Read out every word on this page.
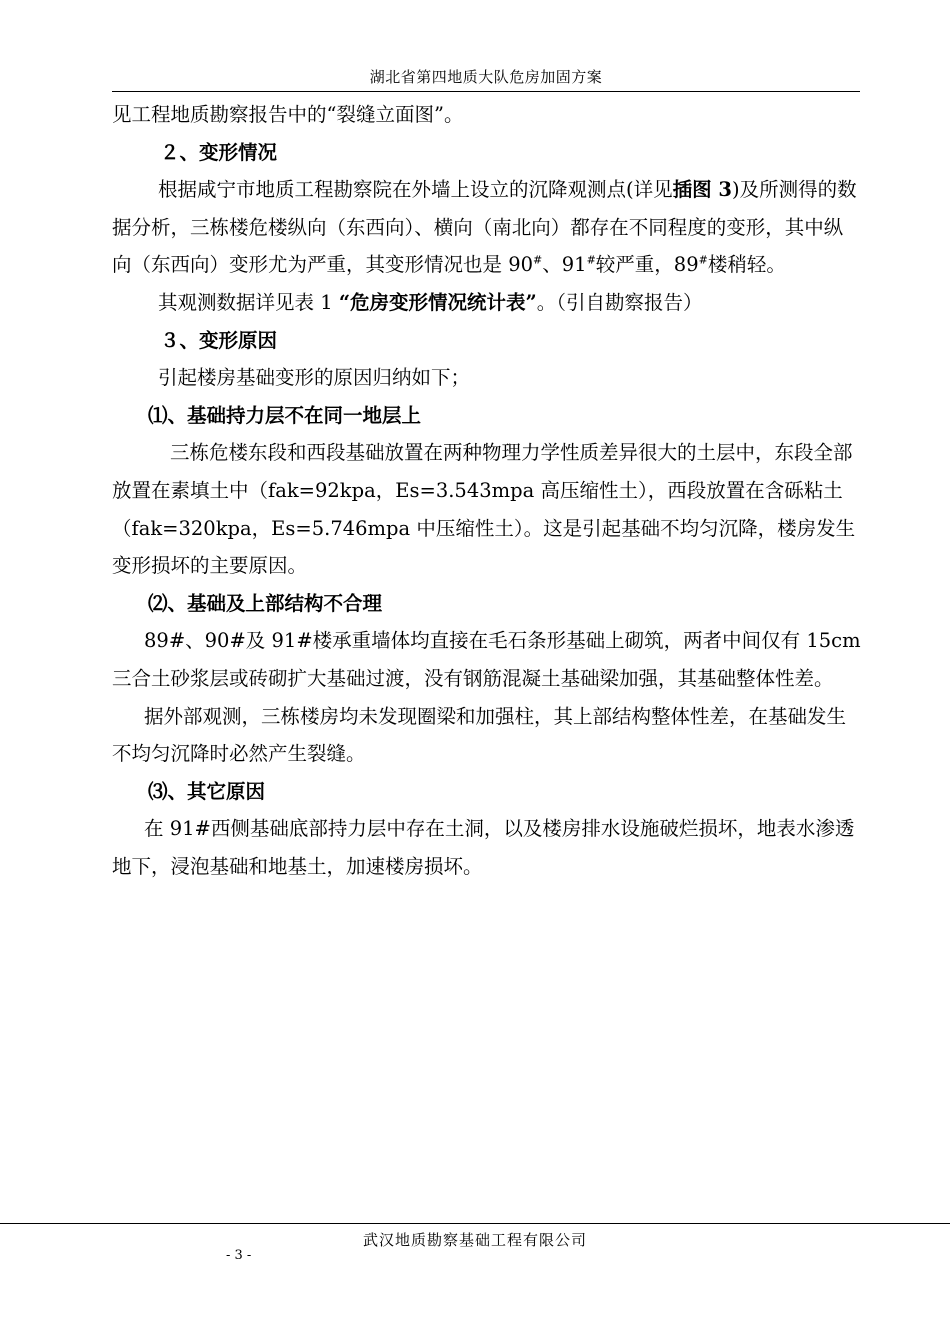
湖北省第四地质大队危房加固方案

见工程地质勘察报告中的“裂缝立面图”。

２、变形情况

根据咸宁市地质工程勘察院在外墙上设立的沉降观测点(详见插图 3)及所测得的数据分析，三栋楼危楼纵向（东西向）、横向（南北向）都存在不同程度的变形，其中纵向（东西向）变形尤为严重，其变形情况也是 90#、91#较严重，89#楼稍轻。

其观测数据详见表 1 “危房变形情况统计表”。（引自勘察报告）

３、变形原因

引起楼房基础变形的原因归纳如下；

⑴、基础持力层不在同一地层上

三栋危楼东段和西段基础放置在两种物理力学性质差异很大的土层中，东段全部放置在素填土中（fak=92kpa，Es=3.543mpa 高压缩性土），西段放置在含砾粘土（fak=320kpa，Es=5.746mpa 中压缩性土）。这是引起基础不均匀沉降，楼房发生变形损坏的主要原因。

⑵、基础及上部结构不合理

89#、90#及 91#楼承重墙体均直接在毛石条形基础上砌筑，两者中间仅有 15cm 三合土砂浆层或砖砌扩大基础过渡，没有钢筋混凝土基础梁加强，其基础整体性差。

据外部观测，三栋楼房均未发现圈梁和加强柱，其上部结构整体性差，在基础发生不均匀沉降时必然产生裂缝。

⑶、其它原因

在 91#西侧基础底部持力层中存在土洞，以及楼房排水设施破烂损坏，地表水渗透地下，浸泡基础和地基土，加速楼房损坏。

武汉地质勘察基础工程有限公司
- 3 -
